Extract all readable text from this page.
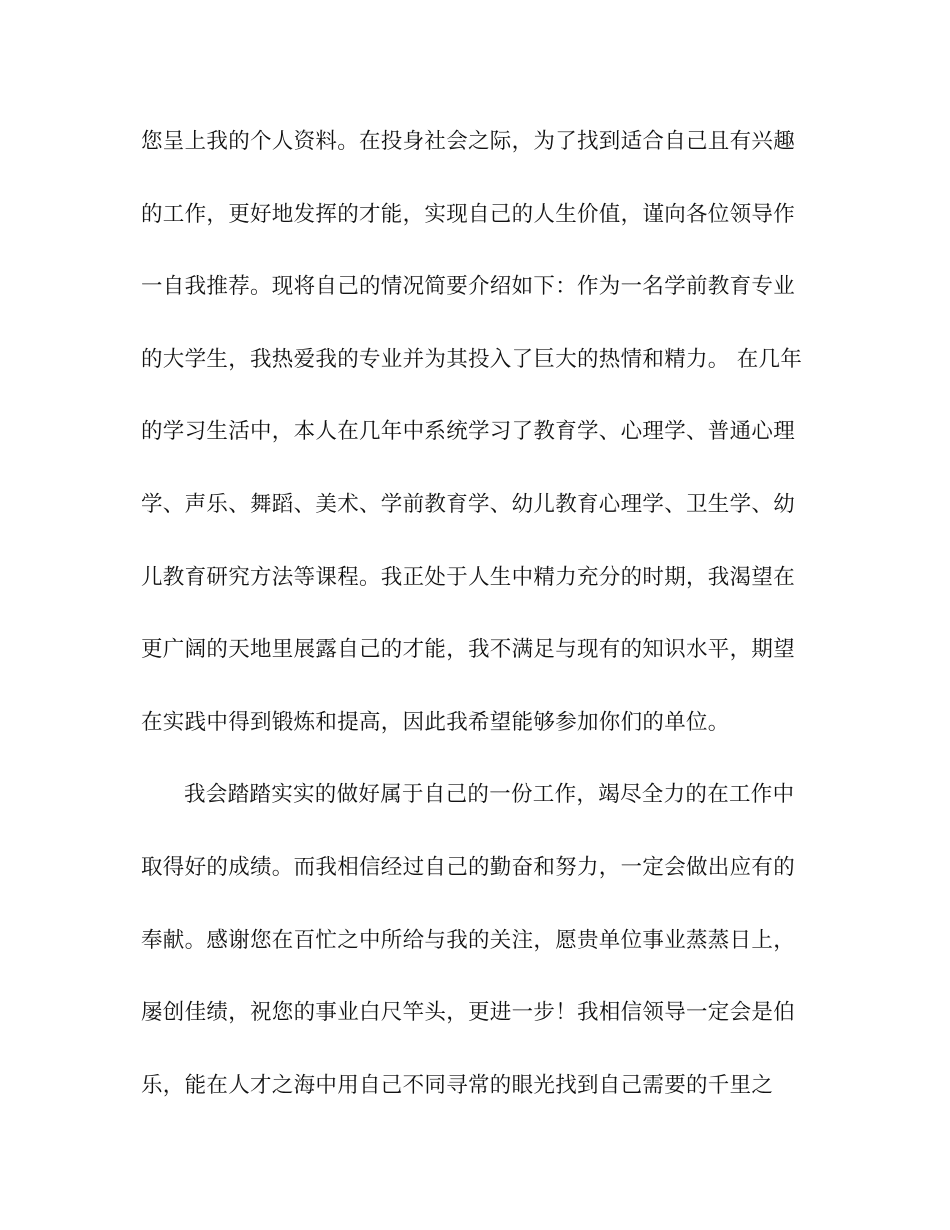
您呈上我的个人资料。在投身社会之际，为了找到适合自己且有兴趣
的工作，更好地发挥的才能，实现自己的人生价值，谨向各位领导作
一自我推荐。现将自己的情况简要介绍如下：作为一名学前教育专业
的大学生，我热爱我的专业并为其投入了巨大的热情和精力。 在几年
的学习生活中，本人在几年中系统学习了教育学、心理学、普通心理
学、声乐、舞蹈、美术、学前教育学、幼儿教育心理学、卫生学、幼
儿教育研究方法等课程。我正处于人生中精力充分的时期，我渴望在
更广阔的天地里展露自己的才能，我不满足与现有的知识水平，期望
在实践中得到锻炼和提高，因此我希望能够参加你们的单位。
我会踏踏实实的做好属于自己的一份工作，竭尽全力的在工作中
取得好的成绩。而我相信经过自己的勤奋和努力，一定会做出应有的
奉献。感谢您在百忙之中所给与我的关注，愿贵单位事业蒸蒸日上，
屡创佳绩，祝您的事业白尺竿头，更进一步！我相信领导一定会是伯
乐，能在人才之海中用自己不同寻常的眼光找到自己需要的千里之
